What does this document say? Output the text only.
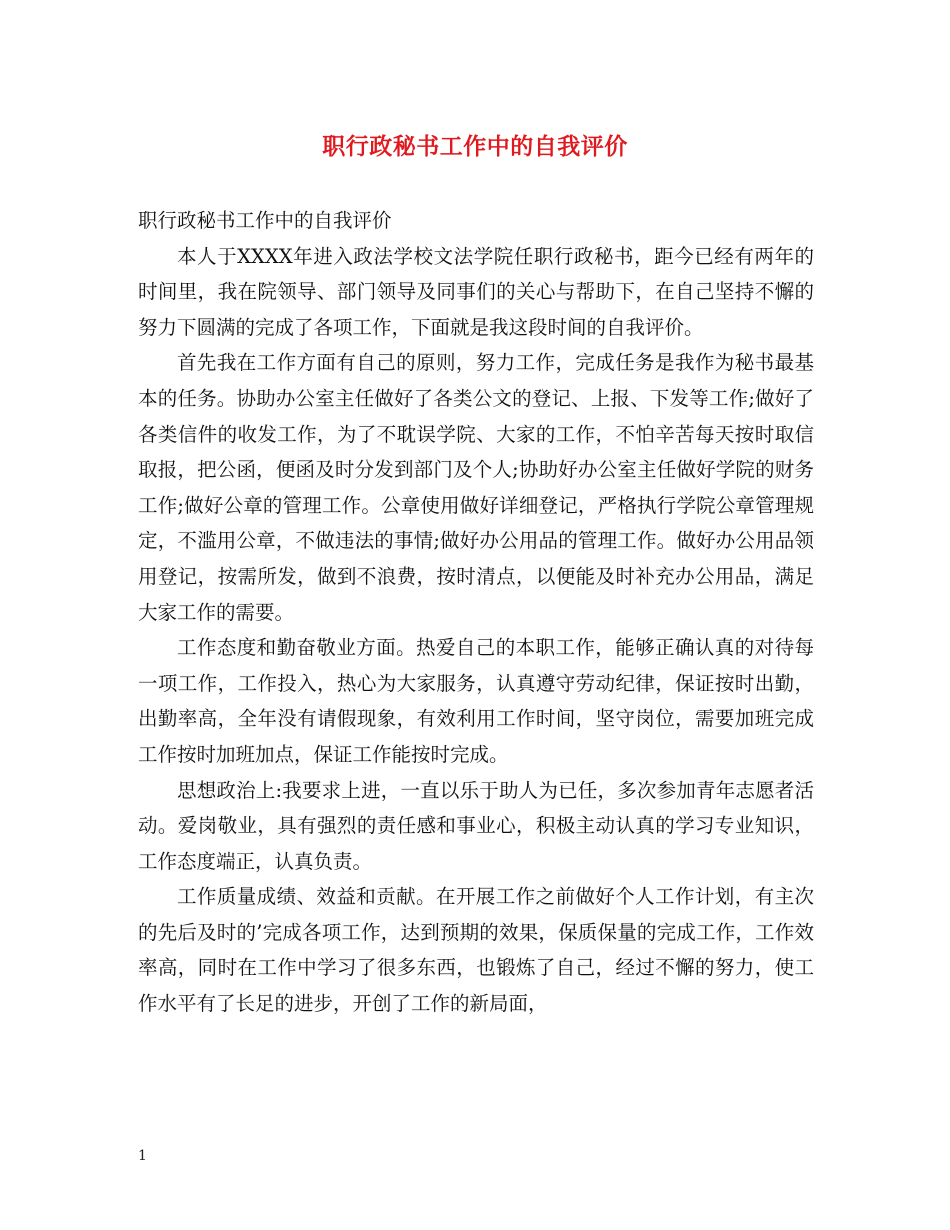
职行政秘书工作中的自我评价

职行政秘书工作中的自我评价

本人于XXXX年进入政法学校文法学院任职行政秘书，距今已经有两年的时间里，我在院领导、部门领导及同事们的关心与帮助下，在自己坚持不懈的努力下圆满的完成了各项工作，下面就是我这段时间的自我评价。

首先我在工作方面有自己的原则，努力工作，完成任务是我作为秘书最基本的任务。协助办公室主任做好了各类公文的登记、上报、下发等工作;做好了各类信件的收发工作，为了不耽误学院、大家的工作，不怕辛苦每天按时取信取报，把公函，便函及时分发到部门及个人;协助好办公室主任做好学院的财务工作;做好公章的管理工作。公章使用做好详细登记，严格执行学院公章管理规定，不滥用公章，不做违法的事情;做好办公用品的管理工作。做好办公用品领用登记，按需所发，做到不浪费，按时清点，以便能及时补充办公用品，满足大家工作的需要。

工作态度和勤奋敬业方面。热爱自己的本职工作，能够正确认真的对待每一项工作，工作投入，热心为大家服务，认真遵守劳动纪律，保证按时出勤，出勤率高，全年没有请假现象，有效利用工作时间，坚守岗位，需要加班完成工作按时加班加点，保证工作能按时完成。

思想政治上:我要求上进，一直以乐于助人为已任，多次参加青年志愿者活动。爱岗敬业，具有强烈的责任感和事业心，积极主动认真的学习专业知识，工作态度端正，认真负责。

工作质量成绩、效益和贡献。在开展工作之前做好个人工作计划，有主次的先后及时的’完成各项工作，达到预期的效果，保质保量的完成工作，工作效率高，同时在工作中学习了很多东西，也锻炼了自己，经过不懈的努力，使工作水平有了长足的进步，开创了工作的新局面，

1
